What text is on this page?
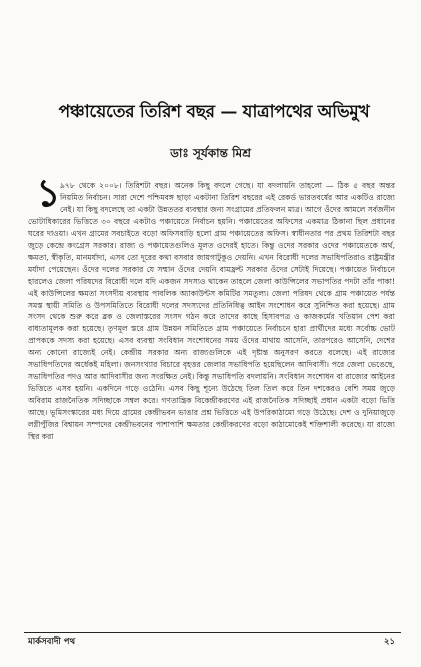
পঞ্চায়েতের তিরিশ বছর — যাত্রাপথের অভিমুখ
ডাঃ সূর্যকান্ত মিশ্র
১ ৯৭৮ থেকে ২০০৮। তিরিশটা বছর। অনেক কিছু বদলে গেছে। যা বদলায়নি তাহলো — ঠিক ৫ বছর অন্তর নিয়মিত নির্বাচন। সারা দেশে পশ্চিমবঙ্গ ছাড়া একটানা তিরিশ বছরের এই রেকর্ড ভারতবর্ষের আর একটিও রাজ্যে নেই। যা কিছু বদলেছে তা একটা উন্নততর ব্যবস্থার জন্য সংগ্রামের প্রতিফলন মাত্র। আগে ওঁদের আমলে সর্বজনীন ভোটাধিকারের ভিত্তিতে ৩০ বছরে একটাও পঞ্চায়েতে নির্বাচন হয়নি। পঞ্চায়েতের অফিসের একমাত্র ঠিকানা ছিল প্রধানের ঘরের দাওয়া। এখন গ্রামের সবচাইতে বড়ো অফিসবাড়ি হলো গ্রাম পঞ্চায়েতের অফিস। স্বাধীনতার পর প্রথম তিরিশটা বছর জুড়ে কেন্দ্রে কংগ্রেস সরকার। রাজ্য ও পঞ্চায়েতগুলিও মূলত ওদেরই হাতে। কিন্তু ওদের সরকার ওদের পঞ্চায়েতকে অর্থ, ক্ষমতা, স্বীকৃতি, মানমর্যাদা, এসব তো দূরের কথা বসবার জায়গাটুকুও দেয়নি। এখন বিরোধী দলের সভাধিপতিরাও রাষ্ট্রমন্ত্রীর মর্যাদা পেয়েছেন। ওঁদের দলের সরকার যে সম্মান ওঁদের দেয়নি বামফ্রন্ট সরকার ওঁদের সেটাই দিয়েছে। পঞ্চায়েত নির্বাচনে হারলেও জেলা পরিষদের বিরোধী দলে যদি একজন সদস্যও থাকেন তাহলে জেলা কাউন্সিলের সভাপতির পদটা তাঁর পাকা! এই কাউন্সিলের ক্ষমতা সংসদীয় ব্যবস্থায় পাবলিক অ্যাকাউন্টস কমিটির সমতুল্য। জেলা পরিষদ থেকে গ্রাম পঞ্চায়েত পর্যন্ত সমস্ত স্থায়ী সমিতি ও উপসমিতিতে বিরোধী দলের সদস্যদের প্রতিনিধিত্ব আইন সংশোধন করে সুনিশ্চিত করা হয়েছে। গ্রাম সংসদ থেকে শুরু করে ব্লক ও জেলাস্তরের সংসদ গঠন করে তাদের কাছে হিসাবপত্র ও কাজকর্মের খতিয়ান পেশ করা বাধ্যতামূলক করা হয়েছে। তৃণমূল স্তরে গ্রাম উন্নয়ন সমিতিতে গ্রাম পঞ্চায়েতে নির্বাচনে হারা প্রার্থীদের মধ্যে সর্বোচ্চ ভোট প্রাপককে সদস্য করা হয়েছে। এসব ব্যবস্থা সংবিধান সংশোধনের সময় ওঁদের মাথায় আসেনি, তারপরেও আসেনি, দেশের অন্য কোনো রাজ্যেই নেই। কেন্দ্রীয় সরকার অন্য রাজ্যগুলিকে এই দৃষ্টান্ত অনুসরণ করতে বলেছে। এই রাজ্যের সভাধিপতিদের অর্ধেকই মহিলা। জনসংখ্যার বিচারে বৃহত্তর জেলার সভাধিপতি হয়েছিলেন আদিবাসী। পরে জেলা ভেঙেছে, সভাধিপতির পদও আর আদিবাসীর জন্য সংরক্ষিত নেই। কিন্তু সভাধিপতি বদলায়নি। সংবিধান সংশোধন বা রাজ্যের আইনের ভিত্তিতে এসব হয়নি। একদিনে গড়ে ওঠেনি। এসব কিছু শূন্যে উঠেছে তিল তিল করে তিন দশকেরও বেশি সময় জুড়ে অবিরাম রাজনৈতিক সদিচ্ছাকে সম্বল করে। গণতান্ত্রিক বিকেন্দ্রীকরণের এই রাজনৈতিক সদিচ্ছাই প্রধান একটা বড়ো ভিত্তি আছে। ভূমিসংস্কারের মধ্য দিয়ে গ্রামের কেন্দ্রীভবন ভাঙার প্রশ্ন ভিত্তিতে এই উপরিকাঠামো গড়ে উঠেছে। দেশ ও দুনিয়াজুড়ে লগ্নীপুঁজির বিশ্বায়ন সম্পদের কেন্দ্রীভবনের পাশাপাশি ক্ষমতার কেন্দ্রীকরণের বড়ো কাঠামোকেই শক্তিশালী করেছে। যা রাজ্যে স্থির করা

মার্কসবাদী পথ	২১
